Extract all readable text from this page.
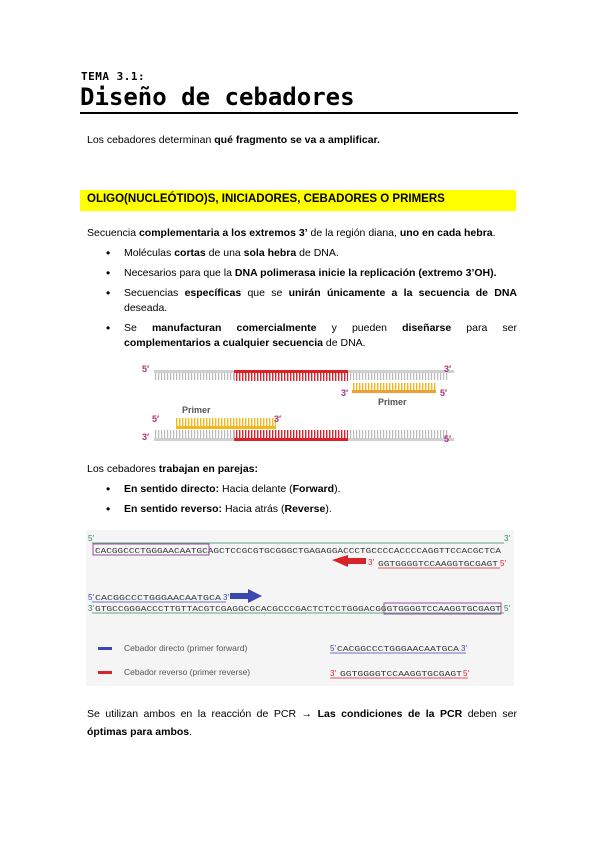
TEMA 3.1:
Diseño de cebadores
Los cebadores determinan qué fragmento se va a amplificar.
OLIGO(NUCLEÓTIDO)S, INICIADORES, CEBADORES O PRIMERS
Secuencia complementaria a los extremos 3’ de la región diana, uno en cada hebra.
• Moléculas cortas de una sola hebra de DNA.
• Necesarios para que la DNA polimerasa inicie la replicación (extremo 3’OH).
• Secuencias específicas que se unirán únicamente a la secuencia de DNA deseada.
• Se manufacturan comercialmente y pueden diseñarse para ser complementarios a cualquier secuencia de DNA.
5′	3′
3′
Primer
5′
Primer
5′	3′
3′	5′
Los cebadores trabajan en parejas:
• En sentido directo: Hacia delante (Forward).
• En sentido reverso: Hacia atrás (Reverse).
5′	3′
CACGGCCCTGGGAACAATGCAGCTCCGCGTGCGGGCTGAGAGGACCCTGCCCCACCCCAGGTTCCACGCTCA
3′ GGTGGGGTCCAAGGTGCGAGT 5′
5′ CACGGCCCTGGGAACAATGCA 3′
3′ GTGCCGGGACCCTTGTTACGTCGAGGCGCACGCCCGACTCTCCTGGGACGGGTGGGGTCCAAGGTGCGAGT 5′
Cebador directo (primer forward)
Cebador reverso (primer reverse)
5′ CACGGCCCTGGGAACAATGCA 3′
3′ GGTGGGGTCCAAGGTGCGAGT 5′
Se utilizan ambos en la reacción de PCR → Las condiciones de la PCR deben ser óptimas para ambos.
